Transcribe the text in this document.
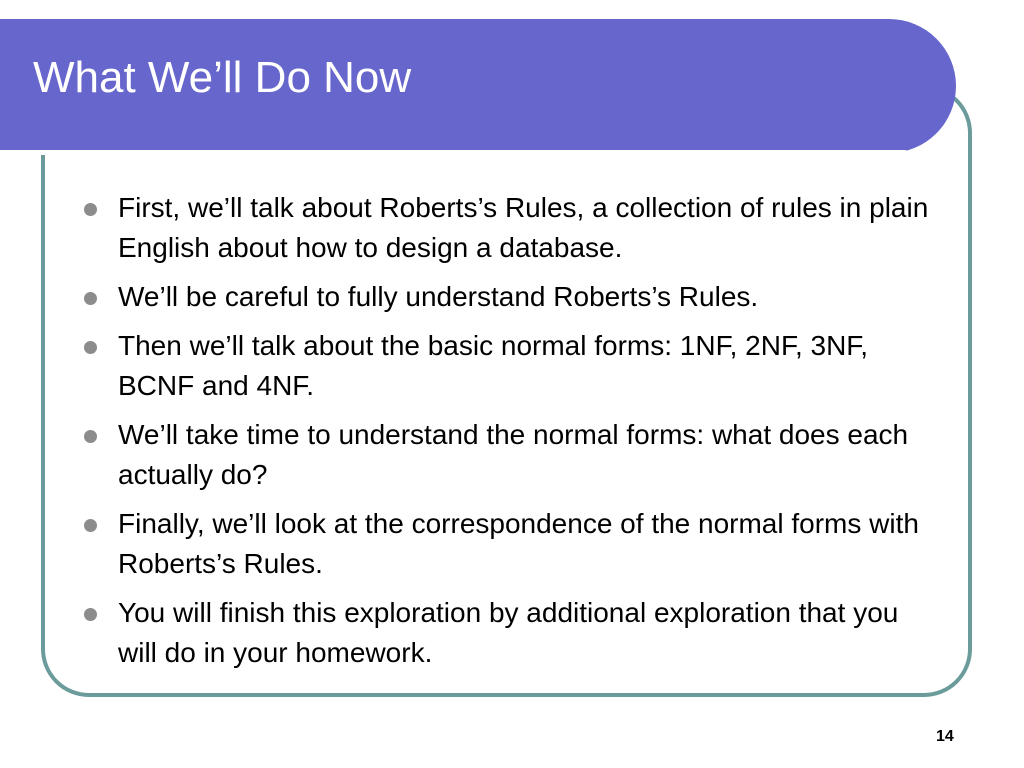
What We’ll Do Now
First, we’ll talk about Roberts’s Rules, a collection of rules in plain English about how to design a database.
We’ll be careful to fully understand Roberts’s Rules.
Then we’ll talk about the basic normal forms: 1NF, 2NF, 3NF, BCNF and 4NF.
We’ll take time to understand the normal forms: what does each actually do?
Finally, we’ll look at the correspondence of the normal forms with Roberts’s Rules.
You will finish this exploration by additional exploration that you will do in your homework.
14
